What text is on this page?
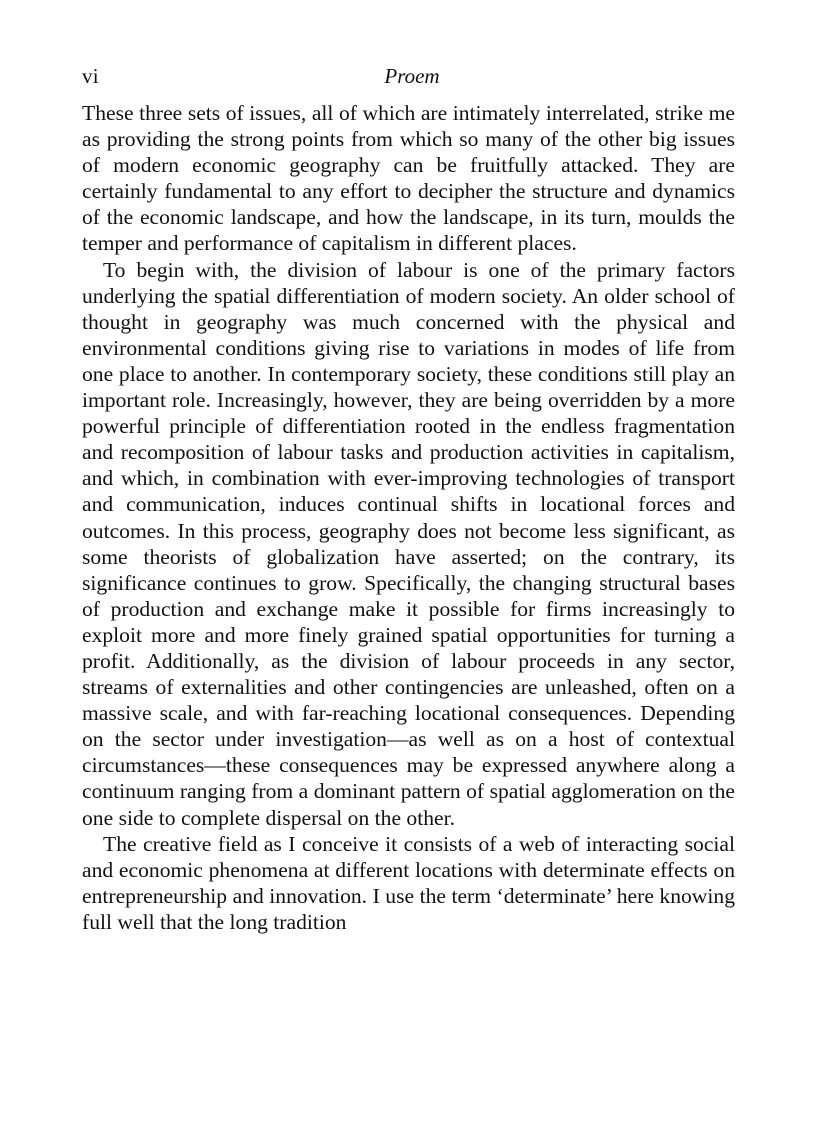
vi	Proem

These three sets of issues, all of which are intimately interrelated, strike me as providing the strong points from which so many of the other big issues of modern economic geography can be fruitfully attacked. They are certainly fundamental to any effort to decipher the structure and dynamics of the economic landscape, and how the landscape, in its turn, moulds the temper and performance of capitalism in different places.

To begin with, the division of labour is one of the primary factors underlying the spatial differentiation of modern society. An older school of thought in geography was much concerned with the physical and environmental conditions giving rise to variations in modes of life from one place to another. In contemporary society, these conditions still play an important role. Increasingly, however, they are being overridden by a more powerful principle of differentiation rooted in the endless fragmentation and recomposition of labour tasks and production activities in capitalism, and which, in combination with ever-improving technologies of transport and communication, induces continual shifts in locational forces and outcomes. In this process, geography does not become less significant, as some theorists of globalization have asserted; on the contrary, its significance continues to grow. Specifically, the changing structural bases of production and exchange make it possible for firms increasingly to exploit more and more finely grained spatial opportunities for turning a profit. Additionally, as the division of labour proceeds in any sector, streams of externalities and other contingencies are unleashed, often on a massive scale, and with far-reaching locational consequences. Depending on the sector under investigation—as well as on a host of contextual circumstances—these consequences may be expressed anywhere along a continuum ranging from a dominant pattern of spatial agglomeration on the one side to complete dispersal on the other.

The creative field as I conceive it consists of a web of interacting social and economic phenomena at different locations with determinate effects on entrepreneurship and innovation. I use the term ‘determinate’ here knowing full well that the long tradition
